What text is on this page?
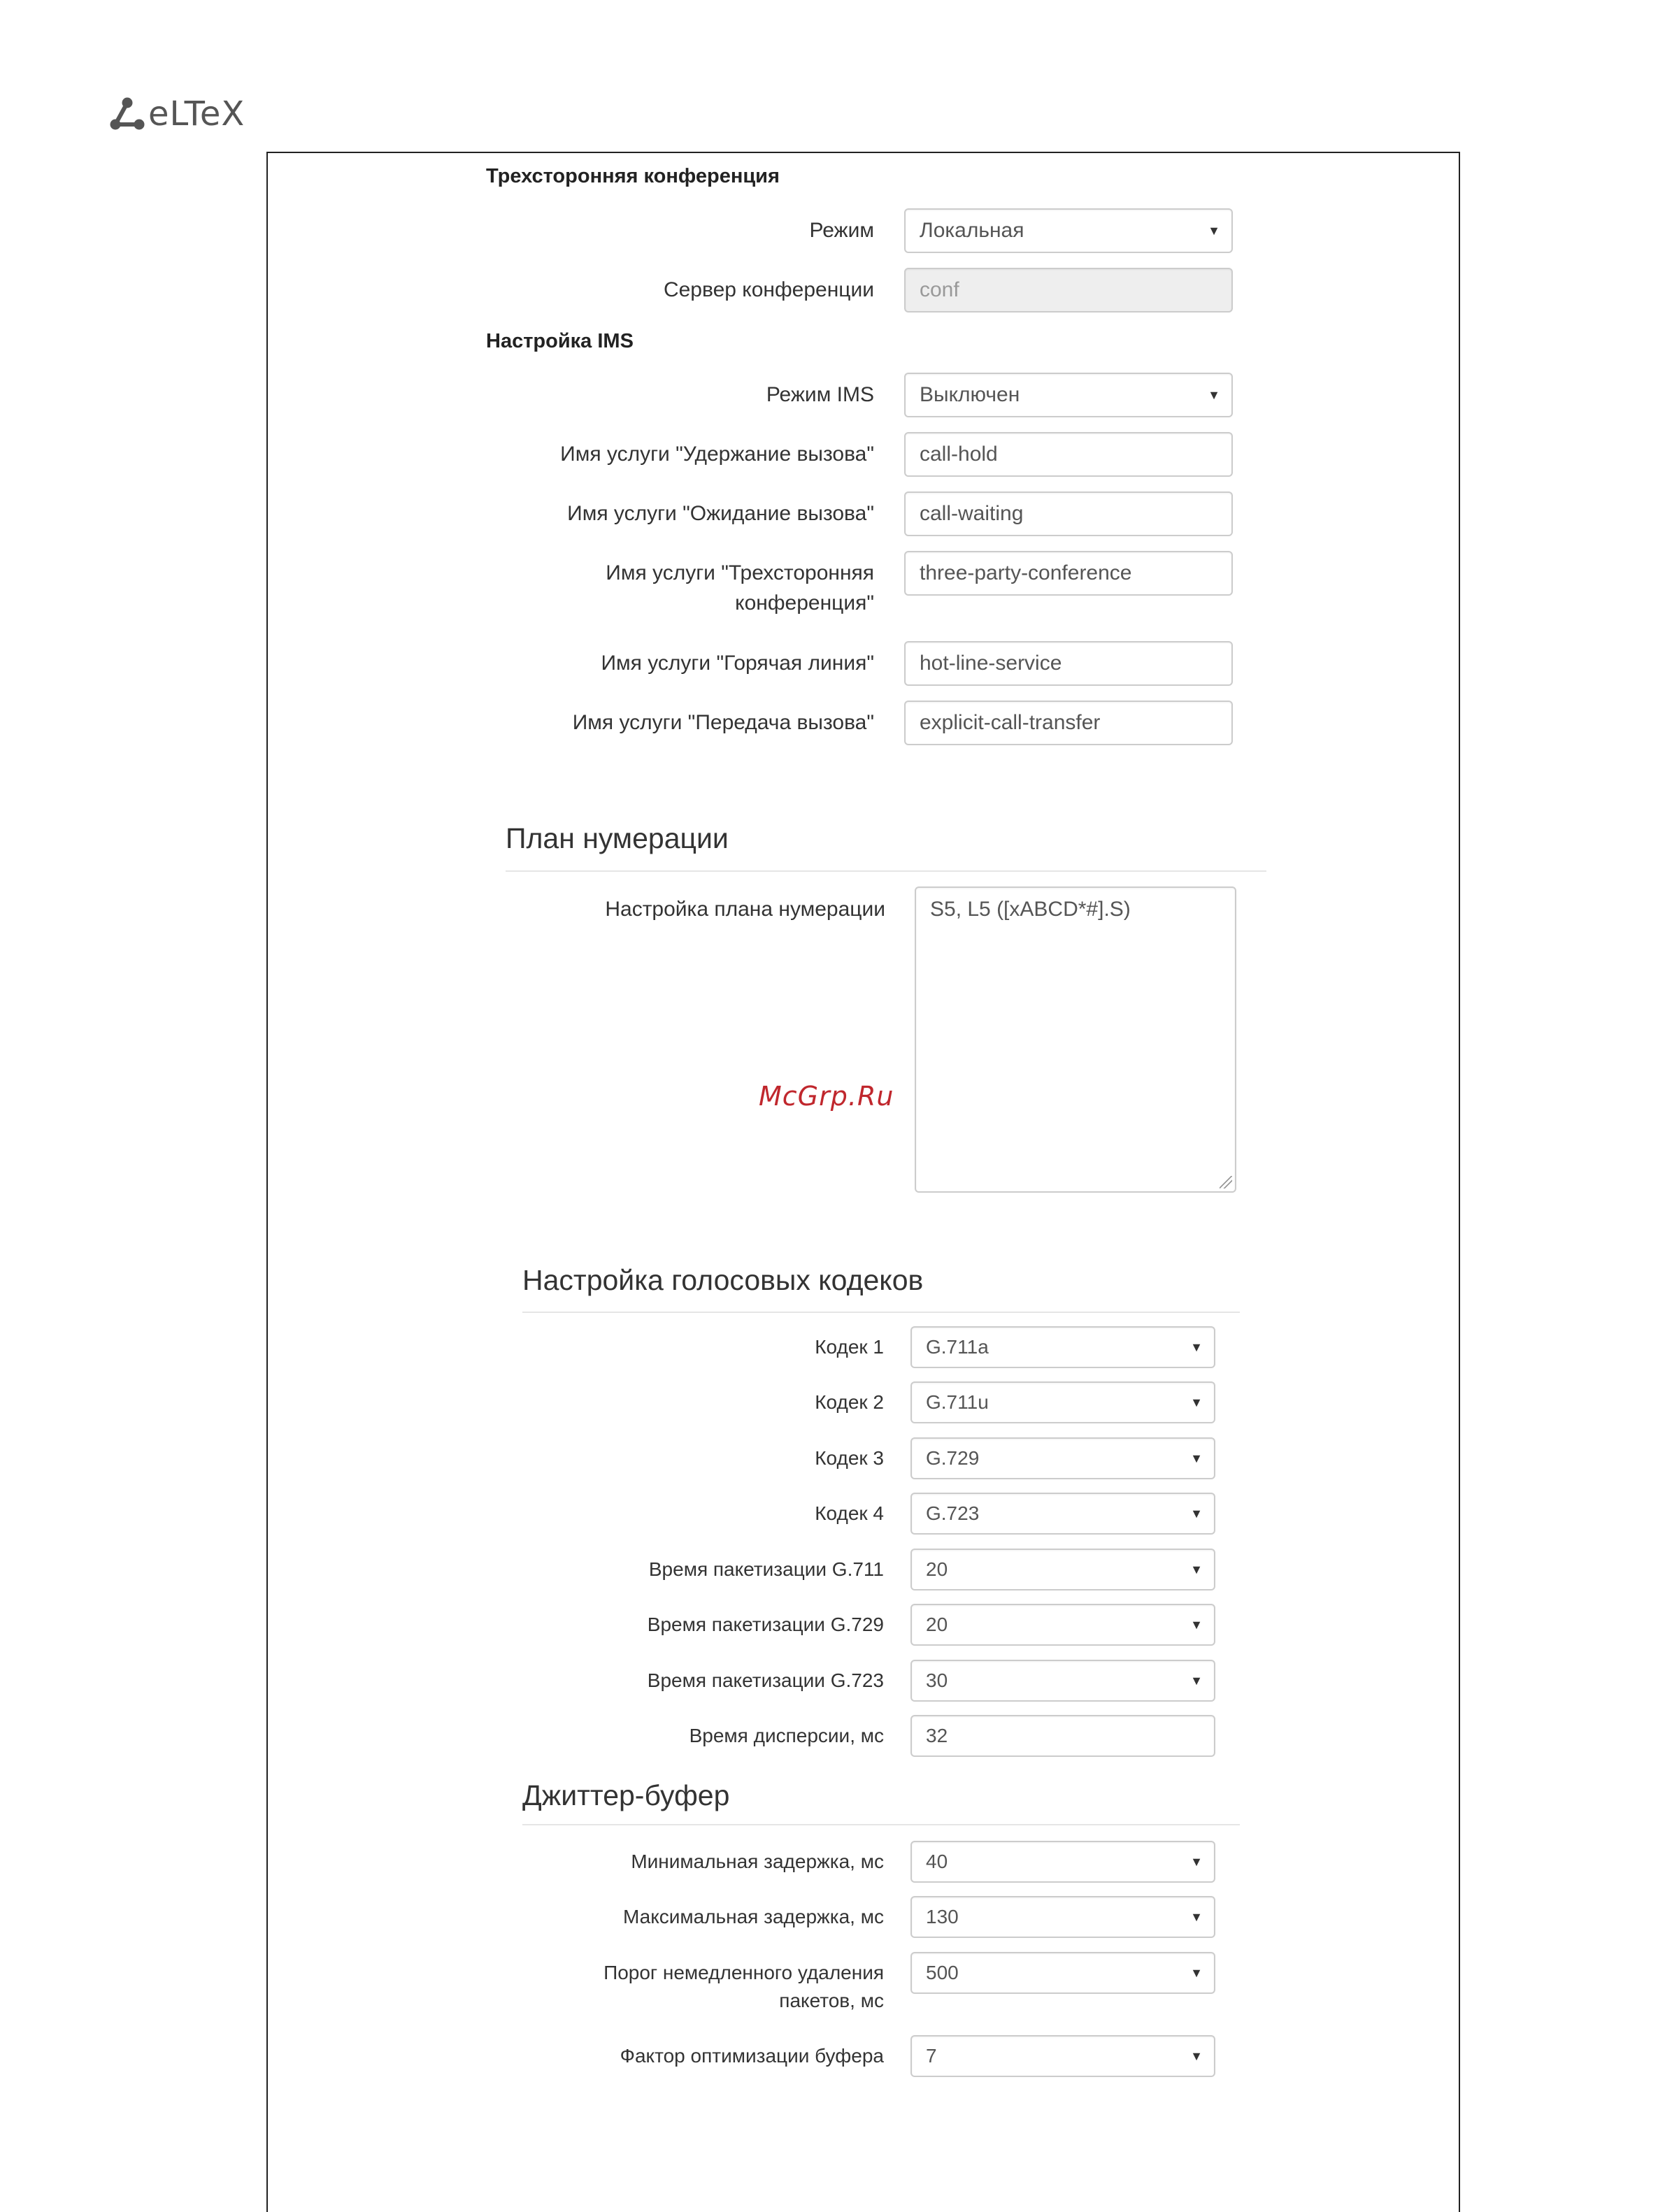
eLTeX
Трехсторонняя конференция
Режим Локальная	▼
Сервер конференции conf
Настройка IMS
Режим IMS Выключен	▼
Имя услуги "Удержание вызова" call-hold
Имя услуги "Ожидание вызова" call-waiting
Имя услуги "Трехсторонняя
конференция"
three-party-conference
Имя услуги "Горячая линия" hot-line-service
Имя услуги "Передача вызова" explicit-call-transfer
План нумерации
Настройка плана нумерации S5, L5 ([xABCD*#].S)
McGrp.Ru
Настройка голосовых кодеков
Кодек 1 G.711a	▼
Кодек 2 G.711u	▼
Кодек 3 G.729	▼
Кодек 4 G.723	▼
Время пакетизации G.711 20	▼
Время пакетизации G.729 20	▼
Время пакетизации G.723 30	▼
Время дисперсии, мс 32
Джиттер-буфер
Минимальная задержка, мс 40	▼
Максимальная задержка, мс 130	▼
Порог немедленного удаления
пакетов, мс
500	▼
Фактор оптимизации буфера 7	▼
